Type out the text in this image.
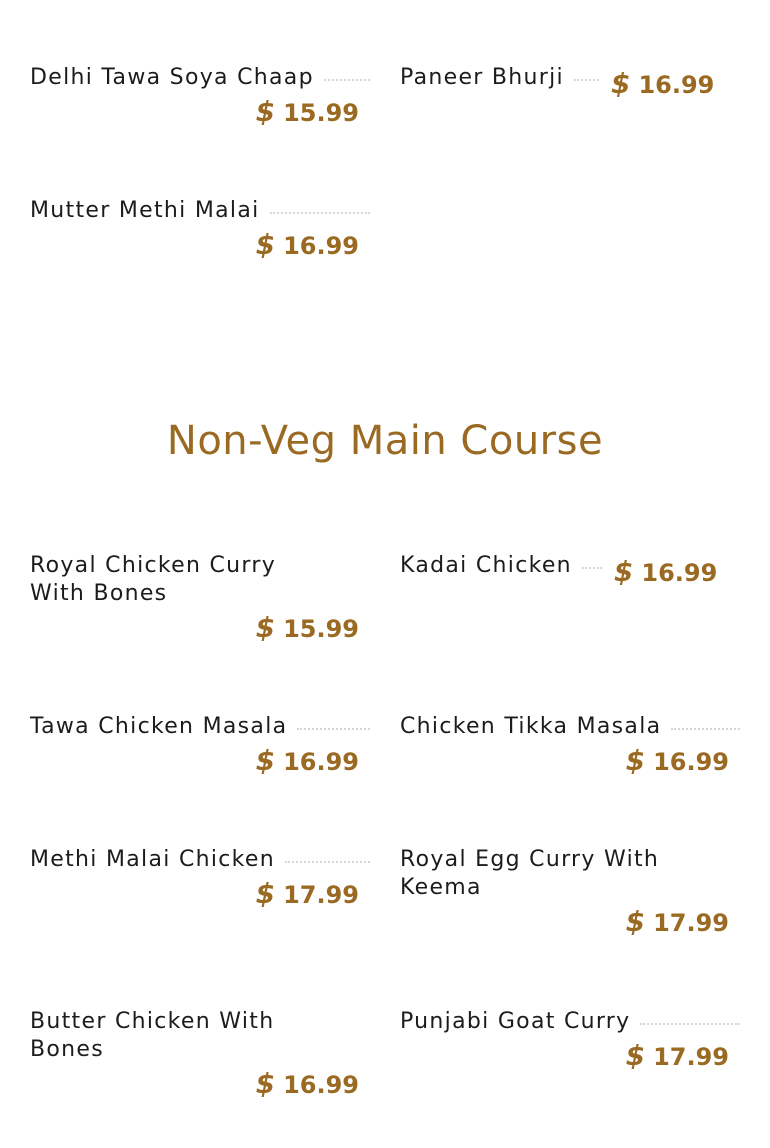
Delhi Tawa Soya Chaap
$ 15.99
Paneer Bhurji	$ 16.99
Mutter Methi Malai
$ 16.99
Non-Veg Main Course
Royal Chicken Curry With Bones
$ 15.99
Kadai Chicken	$ 16.99
Tawa Chicken Masala
$ 16.99
Chicken Tikka Masala
$ 16.99
Methi Malai Chicken
$ 17.99
Royal Egg Curry With Keema
$ 17.99
Butter Chicken With Bones
$ 16.99
Punjabi Goat Curry
$ 17.99
